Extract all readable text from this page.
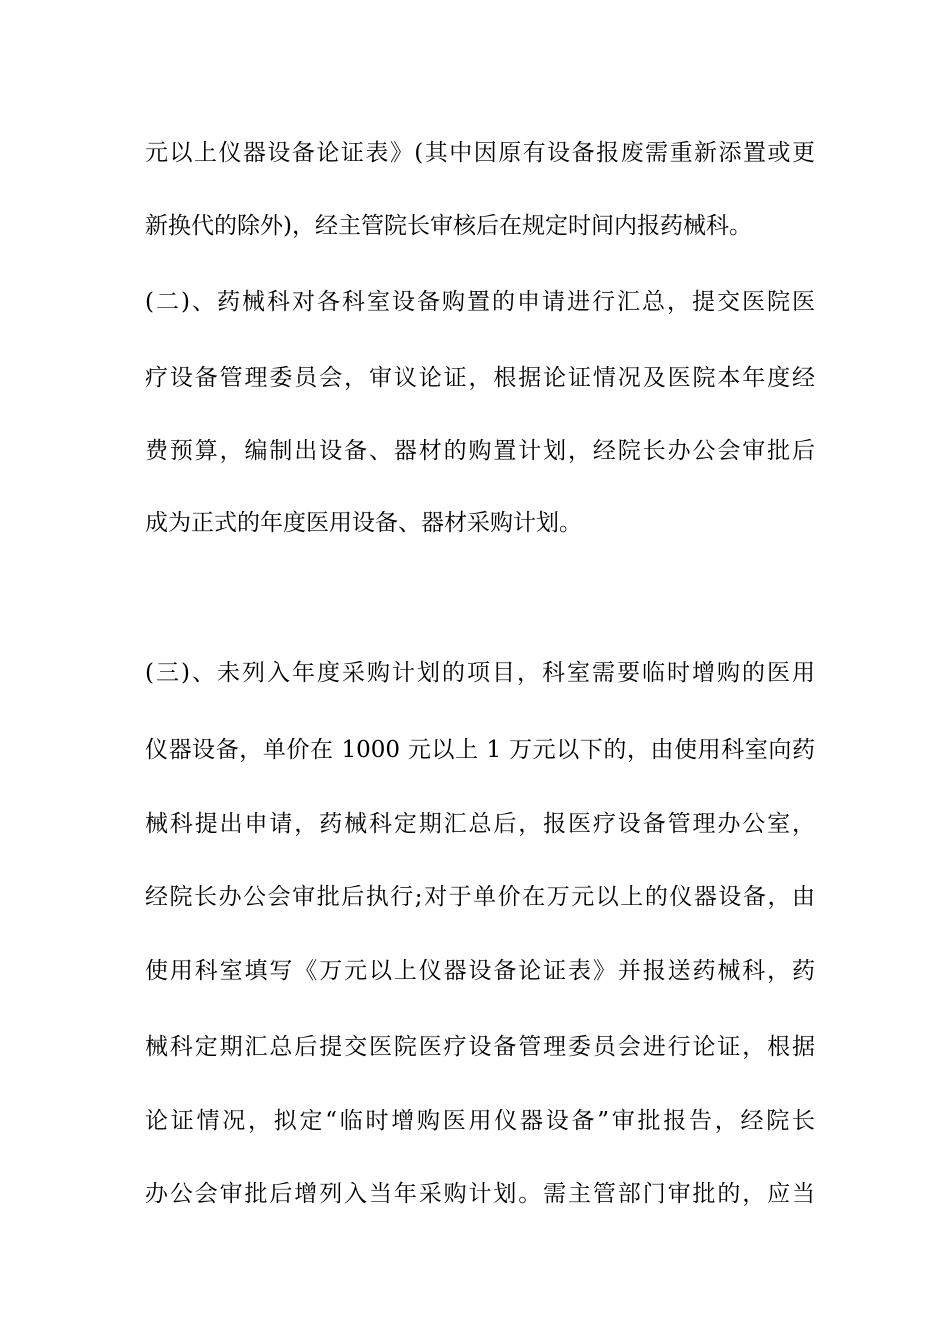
元以上仪器设备论证表》(其中因原有设备报废需重新添置或更
新换代的除外)，经主管院长审核后在规定时间内报药械科。
(二)、药械科对各科室设备购置的申请进行汇总，提交医院医
疗设备管理委员会，审议论证，根据论证情况及医院本年度经
费预算，编制出设备、器材的购置计划，经院长办公会审批后
成为正式的年度医用设备、器材采购计划。
(三)、未列入年度采购计划的项目，科室需要临时增购的医用
仪器设备，单价在 1000 元以上 1 万元以下的，由使用科室向药
械科提出申请，药械科定期汇总后，报医疗设备管理办公室，
经院长办公会审批后执行;对于单价在万元以上的仪器设备，由
使用科室填写《万元以上仪器设备论证表》并报送药械科，药
械科定期汇总后提交医院医疗设备管理委员会进行论证，根据
论证情况，拟定“临时增购医用仪器设备”审批报告，经院长
办公会审批后增列入当年采购计划。需主管部门审批的，应当
